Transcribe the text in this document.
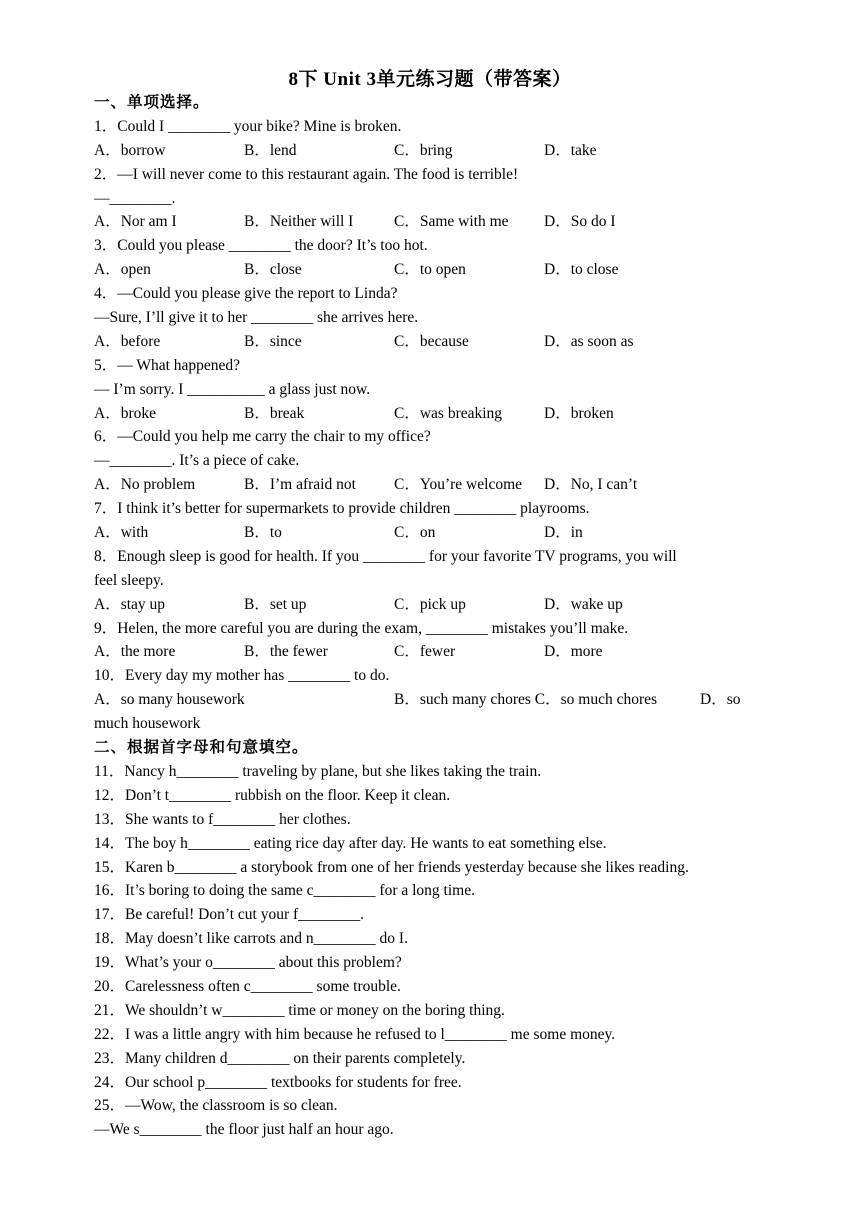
8下 Unit 3单元练习题（带答案）
一、单项选择。
1．Could I ________ your bike? Mine is broken.
A．borrow	B．lend	C．bring	D．take
2．—I will never come to this restaurant again. The food is terrible!
—________.
A．Nor am I	B．Neither will I	C．Same with me D．So do I
3．Could you please ________ the door? It’s too hot.
A．open	B．close	C．to open	D．to close
4．—Could you please give the report to Linda?
—Sure, I’ll give it to her ________ she arrives here.
A．before	B．since	C．because	D．as soon as
5．— What happened?
— I’m sorry. I __________ a glass just now.
A．broke	B．break	C．was breaking	D．broken
6．—Could you help me carry the chair to my office?
—________. It’s a piece of cake.
A．No problem	B．I’m afraid not C．You’re welcome D．No, I can’t
7．I think it’s better for supermarkets to provide children ________ playrooms.
A．with	B．to	C．on	D．in
8．Enough sleep is good for health. If you ________ for your favorite TV programs, you will
feel sleepy.
A．stay up	B．set up	C．pick up	D．wake up
9．Helen, the more careful you are during the exam, ________ mistakes you’ll make.
A．the more	B．the fewer	C．fewer	D．more
10．Every day my mother has ________ to do.
A．so many housework	B．such many chores C．so much chores	D．so
much housework
二、根据首字母和句意填空。
11．Nancy h________ traveling by plane, but she likes taking the train.
12．Don’t t________ rubbish on the floor. Keep it clean.
13．She wants to f________ her clothes.
14．The boy h________ eating rice day after day. He wants to eat something else.
15．Karen b________ a storybook from one of her friends yesterday because she likes reading.
16．It’s boring to doing the same c________ for a long time.
17．Be careful! Don’t cut your f________.
18．May doesn’t like carrots and n________ do I.
19．What’s your o________ about this problem?
20．Carelessness often c________ some trouble.
21．We shouldn’t w________ time or money on the boring thing.
22．I was a little angry with him because he refused to l________ me some money.
23．Many children d________ on their parents completely.
24．Our school p________ textbooks for students for free.
25．—Wow, the classroom is so clean.
—We s________ the floor just half an hour ago.
